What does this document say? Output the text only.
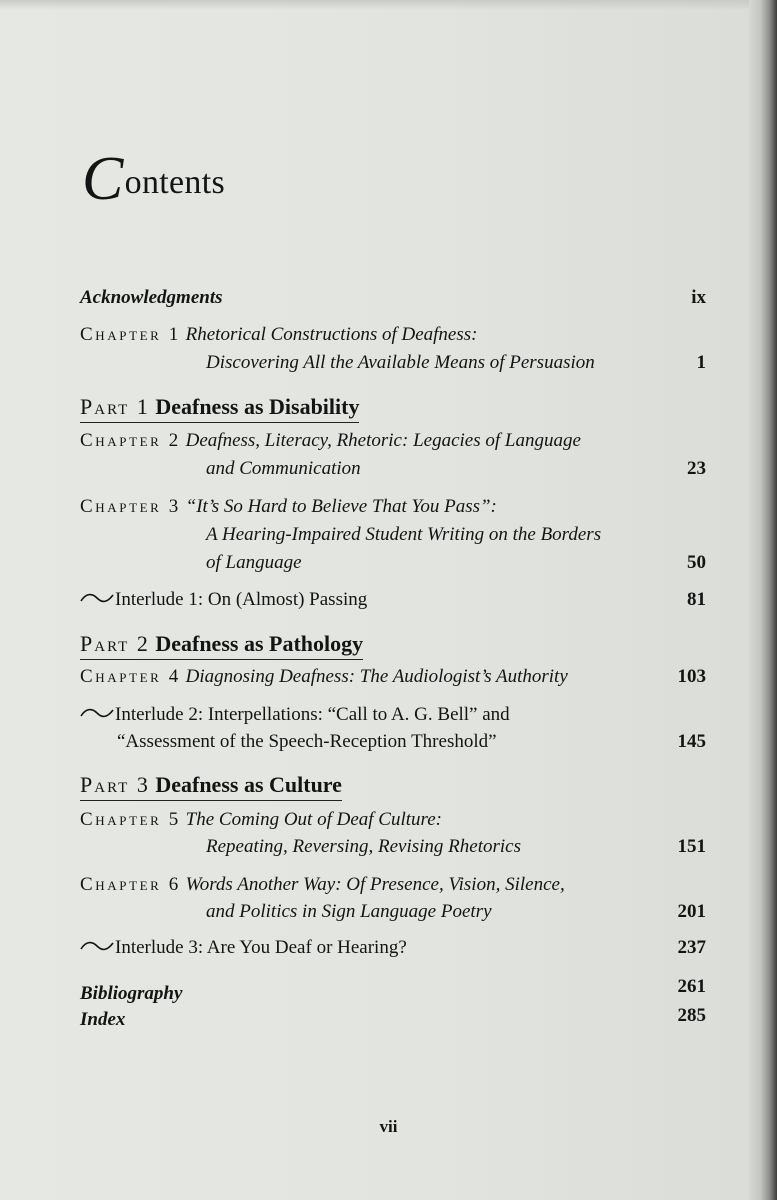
Contents
Acknowledgments	ix
Chapter 1 Rhetorical Constructions of Deafness:
Discovering All the Available Means of Persuasion	1
Part 1 Deafness as Disability
Chapter 2 Deafness, Literacy, Rhetoric: Legacies of Language
and Communication	23
Chapter 3 “It’s So Hard to Believe That You Pass”:
A Hearing-Impaired Student Writing on the Borders
of Language	50
Interlude 1: On (Almost) Passing	81
Part 2 Deafness as Pathology
Chapter 4 Diagnosing Deafness: The Audiologist’s Authority	103
Interlude 2: Interpellations: “Call to A. G. Bell” and
“Assessment of the Speech-Reception Threshold”	145
Part 3 Deafness as Culture
Chapter 5 The Coming Out of Deaf Culture:
Repeating, Reversing, Revising Rhetorics	151
Chapter 6 Words Another Way: Of Presence, Vision, Silence,
and Politics in Sign Language Poetry	201
Interlude 3: Are You Deaf or Hearing?	237
Bibliography	261
Index	285
vii
